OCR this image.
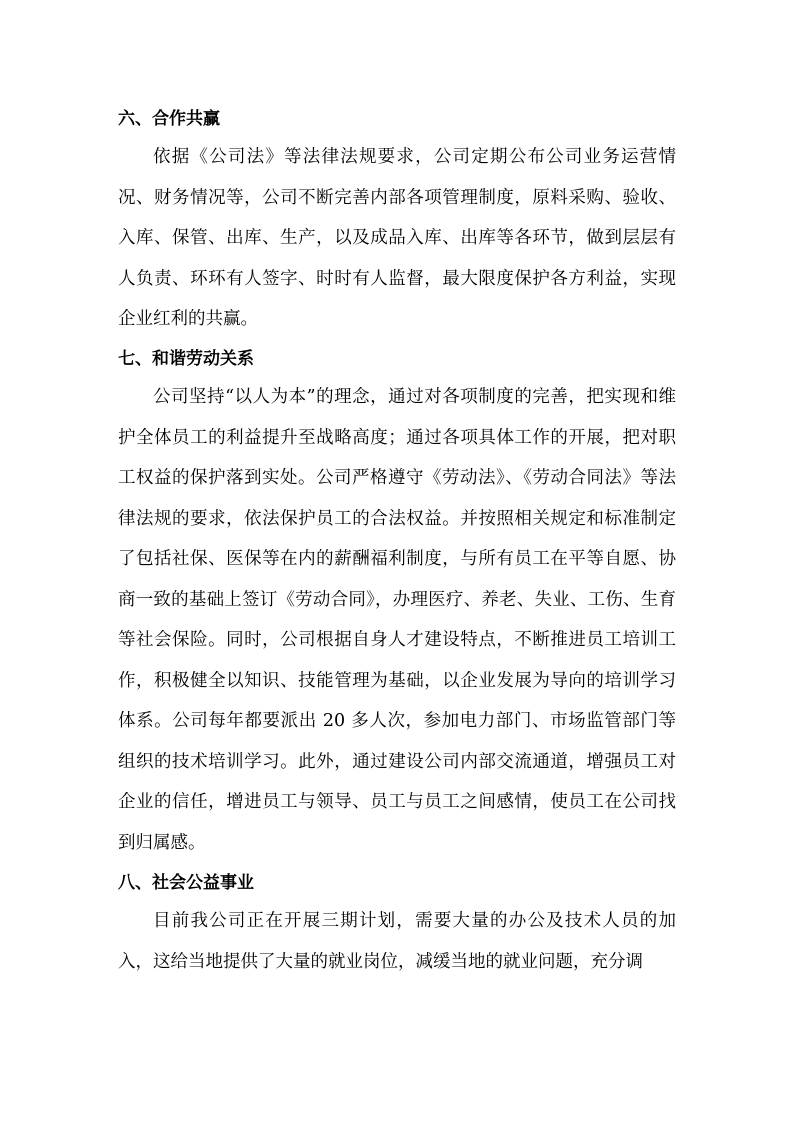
六、合作共赢

依据《公司法》等法律法规要求，公司定期公布公司业务运营情况、财务情况等，公司不断完善内部各项管理制度，原料采购、验收、入库、保管、出库、生产，以及成品入库、出库等各环节，做到层层有人负责、环环有人签字、时时有人监督，最大限度保护各方利益，实现企业红利的共赢。

七、和谐劳动关系

公司坚持“以人为本”的理念，通过对各项制度的完善，把实现和维护全体员工的利益提升至战略高度；通过各项具体工作的开展，把对职工权益的保护落到实处。公司严格遵守《劳动法》、《劳动合同法》等法律法规的要求，依法保护员工的合法权益。并按照相关规定和标准制定了包括社保、医保等在内的薪酬福利制度，与所有员工在平等自愿、协商一致的基础上签订《劳动合同》，办理医疗、养老、失业、工伤、生育等社会保险。同时，公司根据自身人才建设特点，不断推进员工培训工作，积极健全以知识、技能管理为基础，以企业发展为导向的培训学习体系。公司每年都要派出 20 多人次，参加电力部门、市场监管部门等组织的技术培训学习。此外，通过建设公司内部交流通道，增强员工对企业的信任，增进员工与领导、员工与员工之间感情，使员工在公司找到归属感。

八、社会公益事业

目前我公司正在开展三期计划，需要大量的办公及技术人员的加入，这给当地提供了大量的就业岗位，减缓当地的就业问题，充分调
